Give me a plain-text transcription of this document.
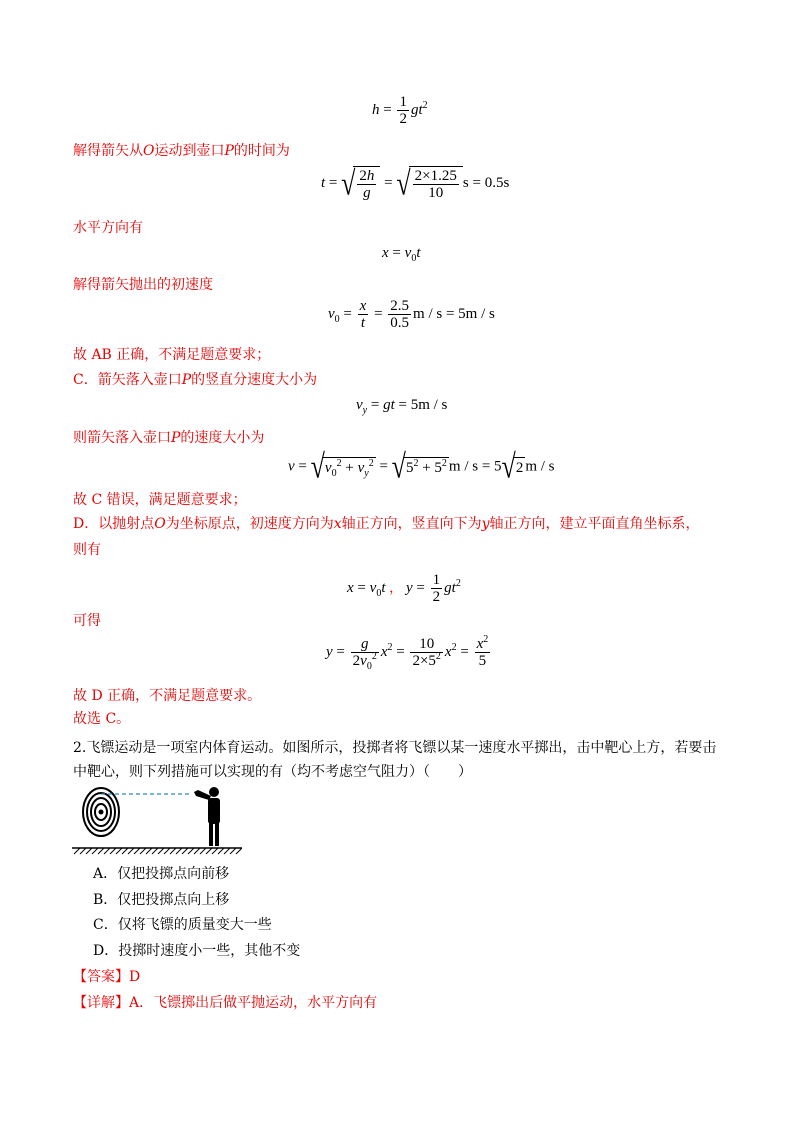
$h = \frac{1}{2} gt^2$
解得箭矢从O运动到壶口P的时间为
t = √ $\frac{2h}{g}$ = √ $\frac{2\times 1.25}{10}$ s = 0.5s
水平方向有
$x = v_0t$
解得箭矢抛出的初速度
$v_0 = \frac{x}{t} = \frac{2.5}{0.5}$ m / s = 5m / s
故 AB 正确，不满足题意要求；
C．箭矢落入壶口P的竖直分速度大小为
$v_y$ = gt = 5m / s
则箭矢落入壶口P的速度大小为
$v = √v_0^2 + v_y^2 = √5^2 + 5^2$ m / s = 5√2 m / s
故 C 错误，满足题意要求；
D．以抛射点O为坐标原点，初速度方向为x轴正方向，竖直向下为y轴正方向，建立平面直角坐标系，
则有
$x = v_0t$ ， $y = \frac{1}{2} gt^2$
可得
$y = \frac{g}{2v_0^2} x^2 = \frac{10}{2\times 5^2} x^2 = \frac{x^2}{5}$
故 D 正确，不满足题意要求。
故选 C。
2.飞镖运动是一项室内体育运动。如图所示，投掷者将飞镖以某一速度水平掷出，击中靶心上方，若要击
中靶心，则下列措施可以实现的有（均不考虑空气阻力）（　　）
A．仅把投掷点向前移
B．仅把投掷点向上移
C．仅将飞镖的质量变大一些
D．投掷时速度小一些，其他不变
【答案】D
【详解】A．飞镖掷出后做平抛运动，水平方向有
